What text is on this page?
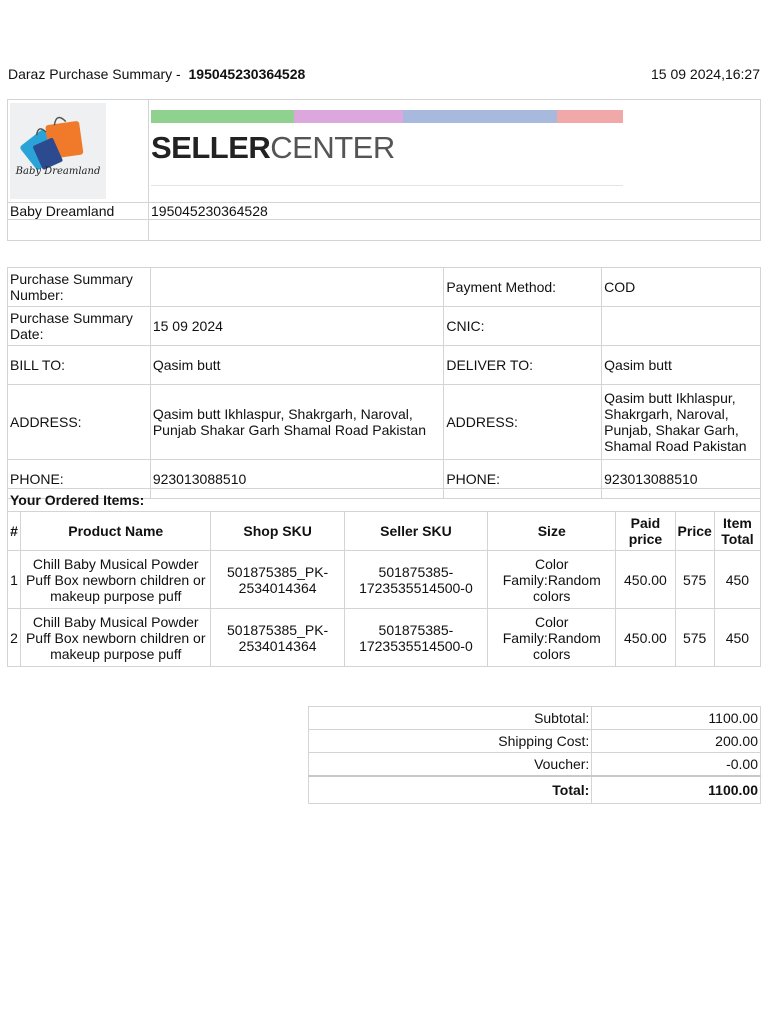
Daraz Purchase Summary - 195045230364528	15 09 2024,16:27
Baby Dreamland	SELLERCENTER

Baby Dreamland	195045230364528

Purchase Summary Number:		Payment Method:	COD
Purchase Summary Date:	15 09 2024	CNIC:	
BILL TO:	Qasim butt	DELIVER TO:	Qasim butt
ADDRESS:	Qasim butt Ikhlaspur, Shakrgarh, Naroval, Punjab Shakar Garh Shamal Road Pakistan	ADDRESS:	Qasim butt Ikhlaspur, Shakrgarh, Naroval, Punjab, Shakar Garh, Shamal Road Pakistan
PHONE:	923013088510	PHONE:	923013088510
Your Ordered Items:							
#	Product Name	Shop SKU	Seller SKU	Size	Paid price	Price	Item Total
1	Chill Baby Musical Powder Puff Box newborn children or makeup purpose puff	501875385_PK-2534014364	501875385-1723535514500-0	Color Family:Random colors	450.00	575	450
2	Chill Baby Musical Powder Puff Box newborn children or makeup purpose puff	501875385_PK-2534014364	501875385-1723535514500-0	Color Family:Random colors	450.00	575	450
Subtotal:	1100.00
Shipping Cost:	200.00
Voucher:	-0.00
Total:	1100.00
